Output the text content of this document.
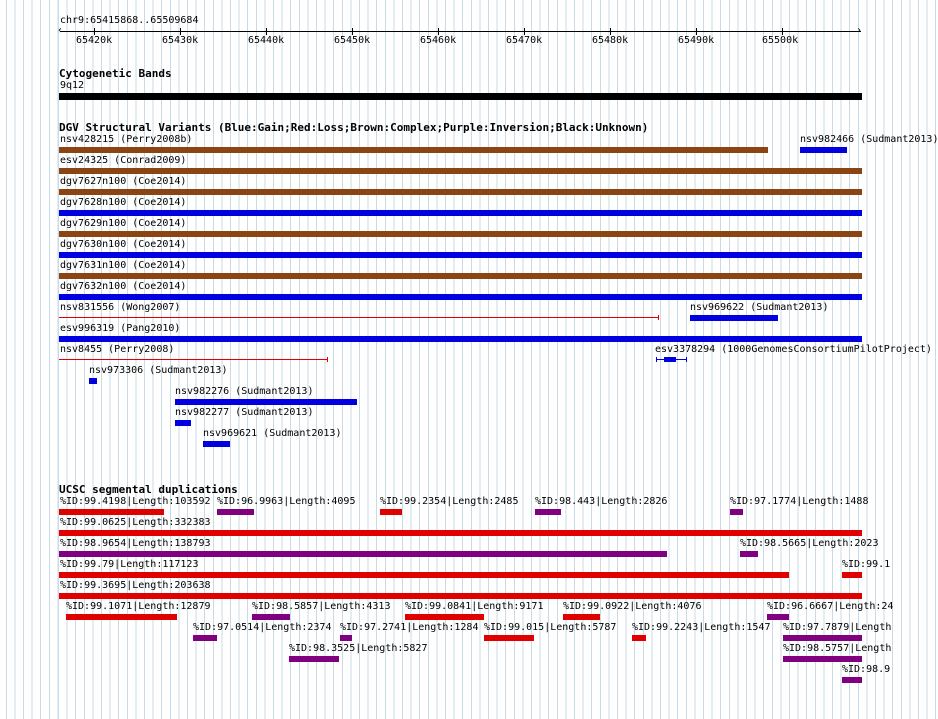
chr9:65415868..65509684
‹	›
65420k	65430k	65440k	65450k	65460k	65470k	65480k	65490k	65500k
Cytogenetic Bands
9q12
DGV Structural Variants (Blue:Gain;Red:Loss;Brown:Complex;Purple:Inversion;Black:Unknown)
nsv428215 (Perry2008b)	nsv982466 (Sudmant2013)
esv24325 (Conrad2009)
dgv7627n100 (Coe2014)
dgv7628n100 (Coe2014)
dgv7629n100 (Coe2014)
dgv7630n100 (Coe2014)
dgv7631n100 (Coe2014)
dgv7632n100 (Coe2014)
nsv831556 (Wong2007)	nsv969622 (Sudmant2013)
esv996319 (Pang2010)
nsv8455 (Perry2008)	esv3378294 (1000GenomesConsortiumPilotProject)
nsv973306 (Sudmant2013)
nsv982276 (Sudmant2013)
nsv982277 (Sudmant2013)
nsv969621 (Sudmant2013)
UCSC segmental duplications
%ID:99.4198|Length:103592 %ID:96.9963|Length:4095 %ID:99.2354|Length:2485 %ID:98.443|Length:2826	%ID:97.1774|Length:1488
%ID:99.0625|Length:332383
%ID:98.9654|Length:138793	%ID:98.5665|Length:2023
%ID:99.79|Length:117123	%ID:99.1
%ID:99.3695|Length:203638
%ID:99.1071|Length:12879	%ID:98.5857|Length:4313 %ID:99.0841|Length:9171 %ID:99.0922|Length:4076	%ID:96.6667|Length:24
%ID:97.0514|Length:2374 %ID:97.2741|Length:1284 %ID:99.015|Length:5787 %ID:99.2243|Length:1547 %ID:97.7879|Length
%ID:98.3525|Length:5827	%ID:98.5757|Length
%ID:98.9
